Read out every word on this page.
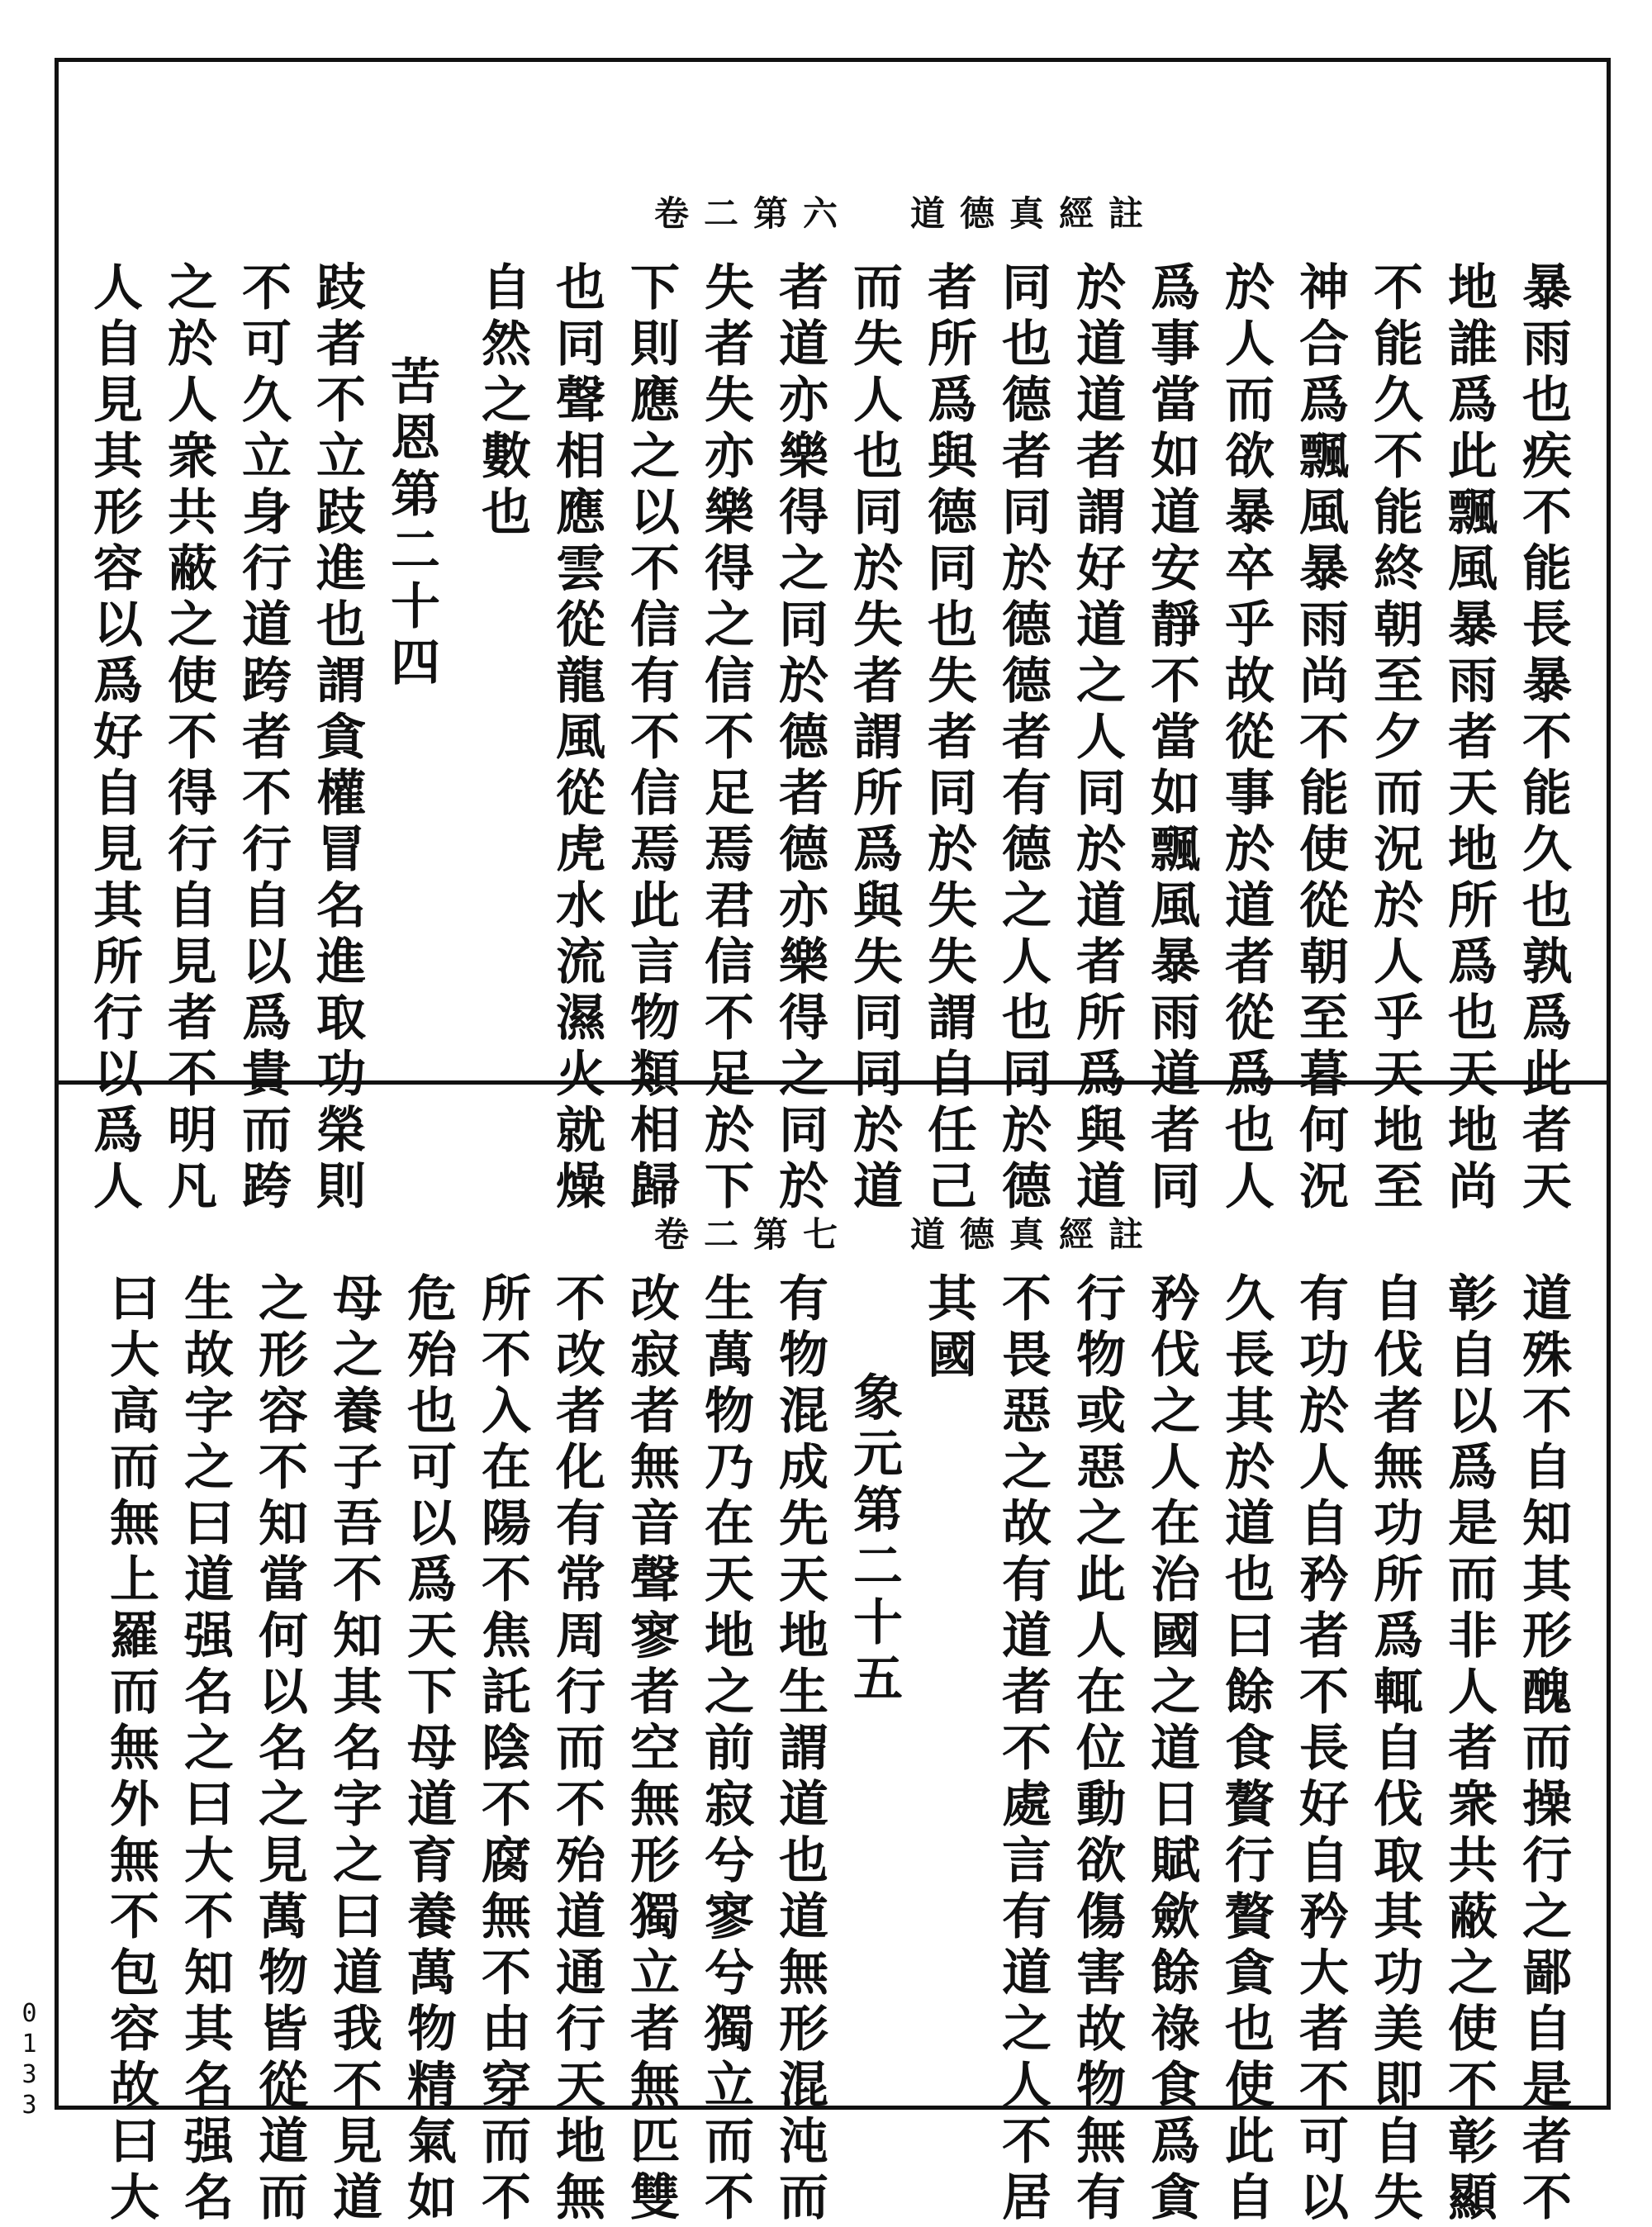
卷二第六 道德真經註
卷二第七 道德真經註
暴雨也疾不能長暴不能久也孰爲此者天
地誰爲此飄風暴雨者天地所爲也天地尚
不能久不能終朝至夕而況於人乎天地至
神合爲飄風暴雨尚不能使從朝至暮何況
於人而欲暴卒乎故從事於道者從爲也人
爲事當如道安靜不當如飄風暴雨道者同
於道道者謂好道之人同於道者所爲與道
同也德者同於德德者有德之人也同於德
者所爲與德同也失者同於失失謂自任己
而失人也同於失者謂所爲與失同同於道
者道亦樂得之同於德者德亦樂得之同於
失者失亦樂得之信不足焉君信不足於下
下則應之以不信有不信焉此言物類相歸
也同聲相應雲從龍風從虎水流濕火就燥
自然之數也
苦恩第二十四
跂者不立跂進也謂貪權冒名進取功榮則
不可久立身行道跨者不行自以爲貴而跨
之於人衆共蔽之使不得行自見者不明凡
人自見其形容以爲好自見其所行以爲人
道殊不自知其形醜而操行之鄙自是者不
彰自以爲是而非人者衆共蔽之使不彰顯
自伐者無功所爲輒自伐取其功美即自失
有功於人自矜者不長好自矜大者不可以
久長其於道也曰餘食贅行贅貪也使此自
矜伐之人在治國之道日賦歛餘祿食爲貪
行物或惡之此人在位動欲傷害故物無有
不畏惡之故有道者不處言有道之人不居
其國
象元第二十五
有物混成先天地生謂道也道無形混沌而
生萬物乃在天地之前寂兮寥兮獨立而不
改寂者無音聲寥者空無形獨立者無匹雙
不改者化有常周行而不殆道通行天地無
所不入在陽不焦託陰不腐無不由穿而不
危殆也可以爲天下母道育養萬物精氣如
母之養子吾不知其名字之曰道我不見道
之形容不知當何以名之見萬物皆從道而
生故字之曰道强名之曰大不知其名强名
曰大高而無上羅而無外無不包容故曰大
0133
